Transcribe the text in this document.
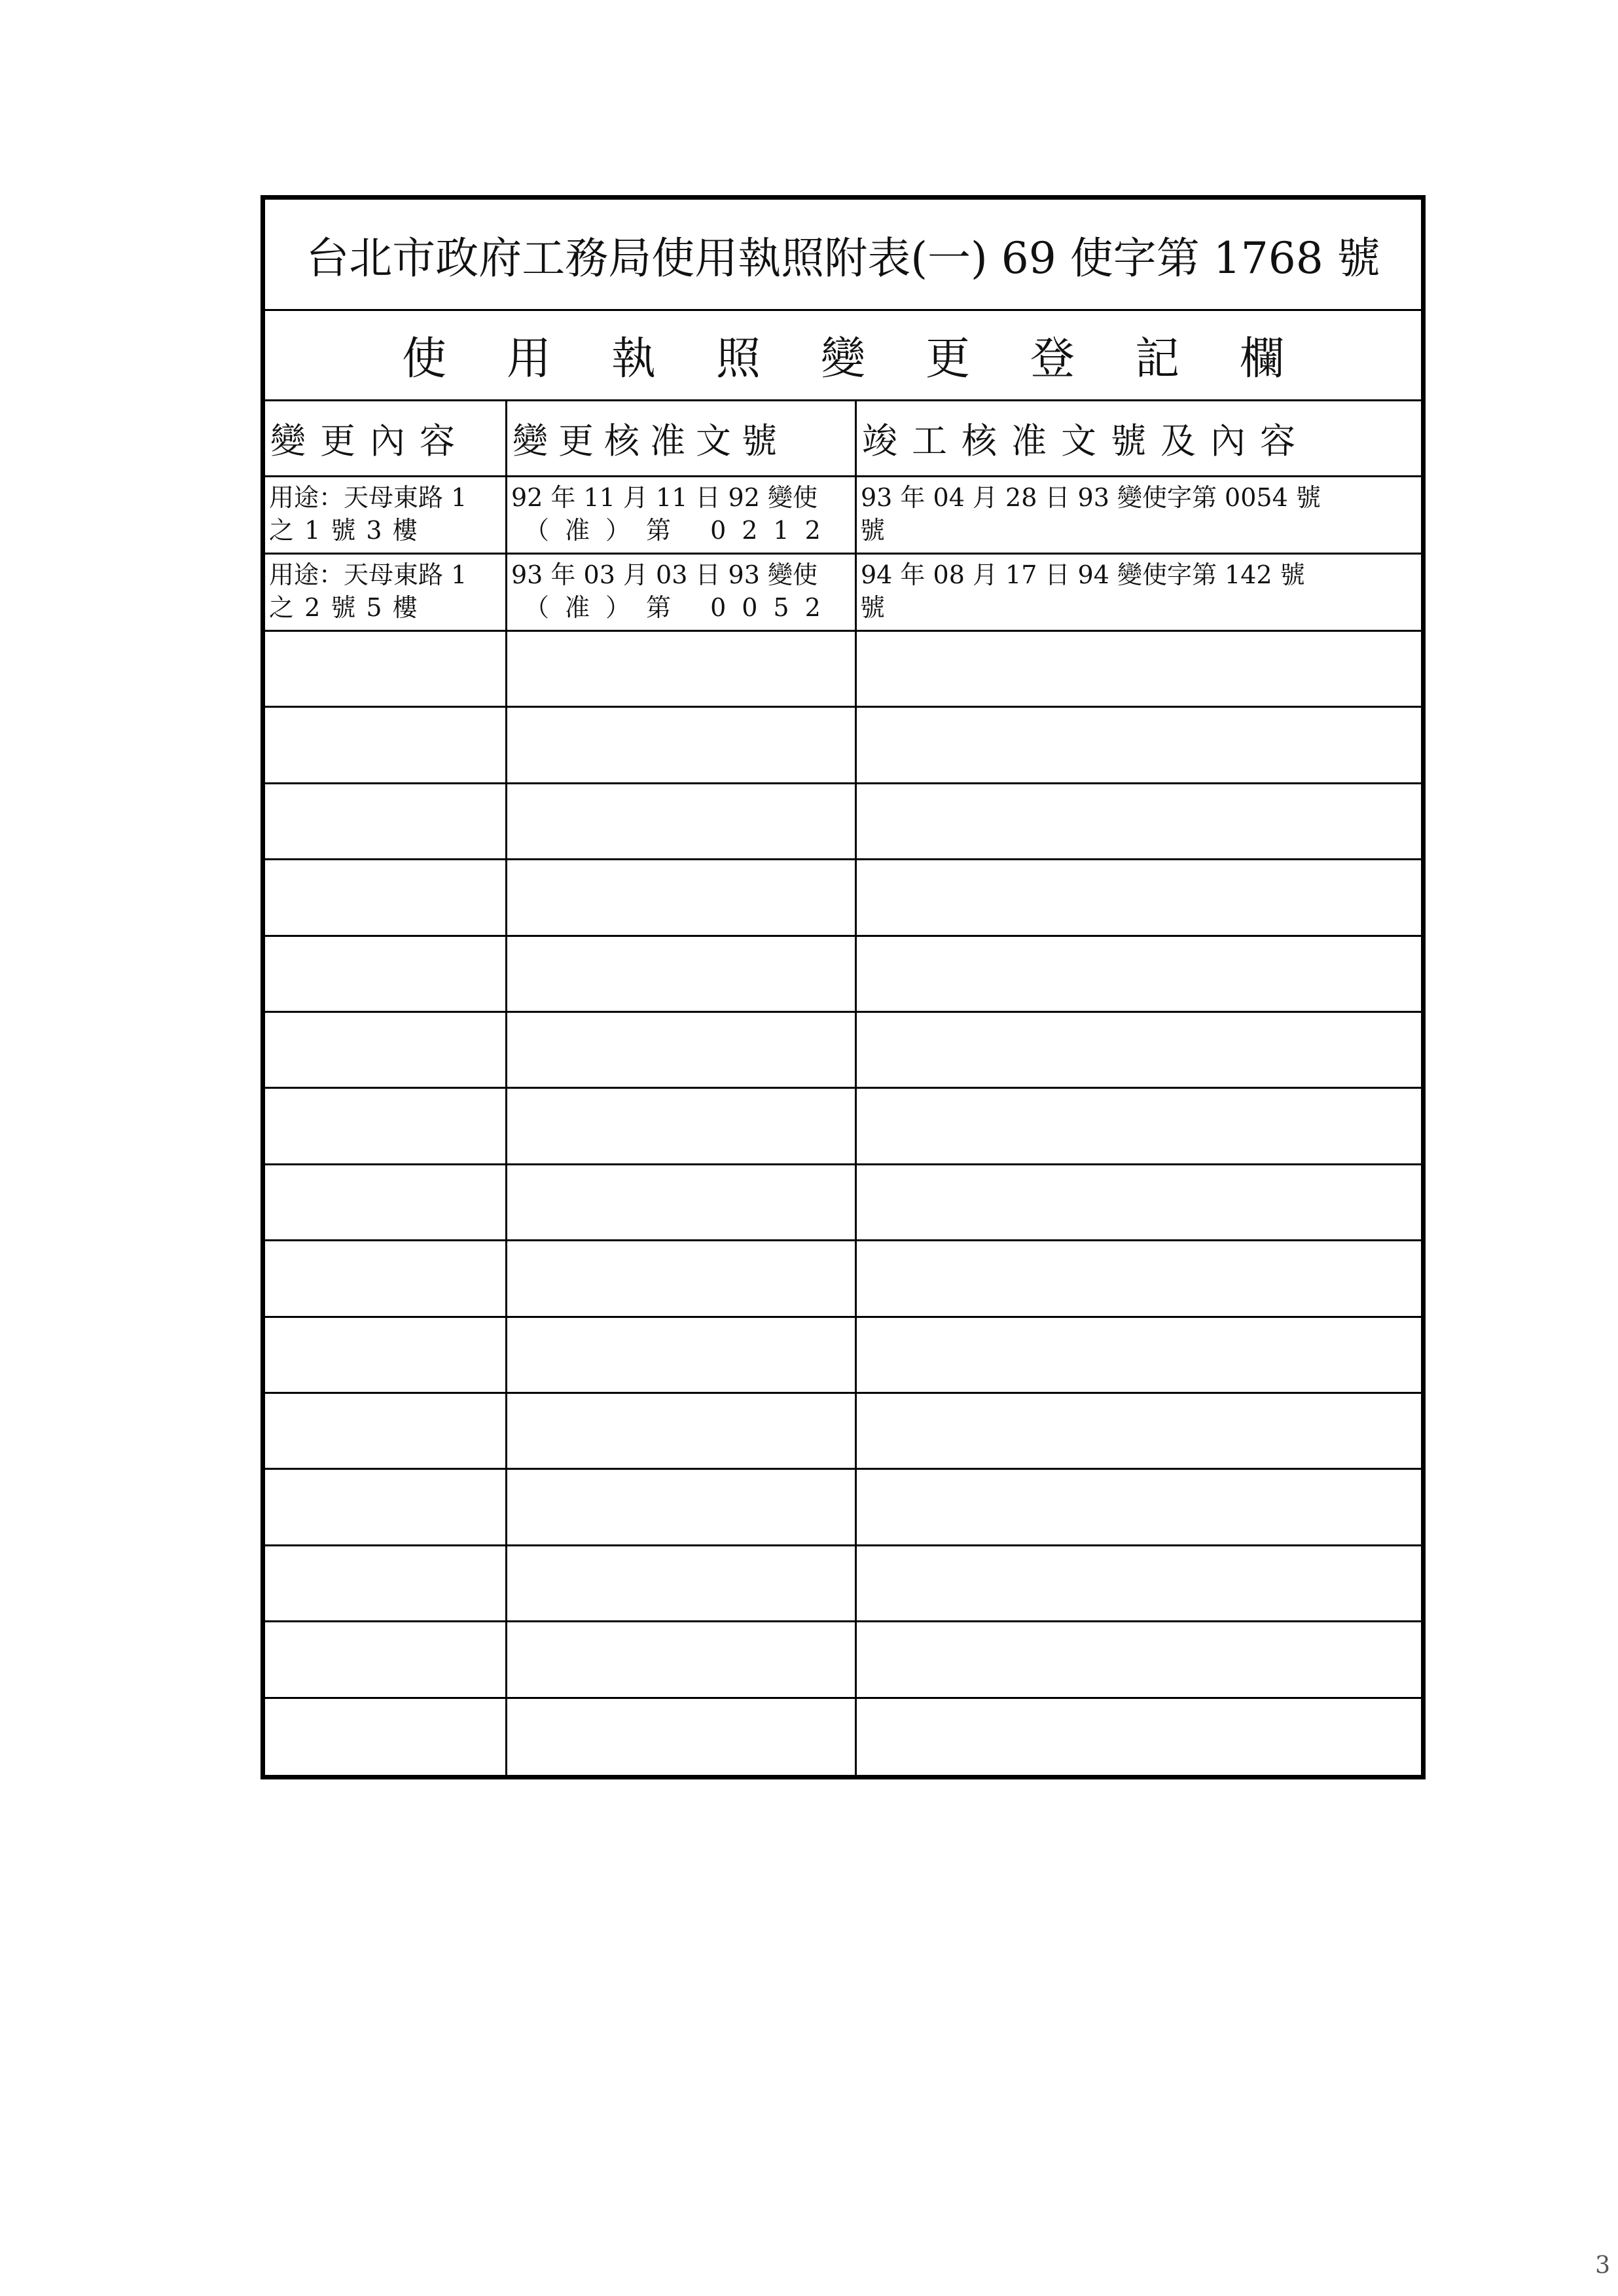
台北市政府工務局使用執照附表(一) 69 使字第 1768 號
使用執照變更登記欄
變更內容 變更核准文號 竣工核准文號及內容
用途：天母東路 1
之 1 號 3 樓
92 年 11 月 11 日 92 變使
（准）第 0212 號
93 年 04 月 28 日 93 變使字第 0054 號
用途：天母東路 1
之 2 號 5 樓
93 年 03 月 03 日 93 變使
（准）第 0052 號
94 年 08 月 17 日 94 變使字第 142 號
3
